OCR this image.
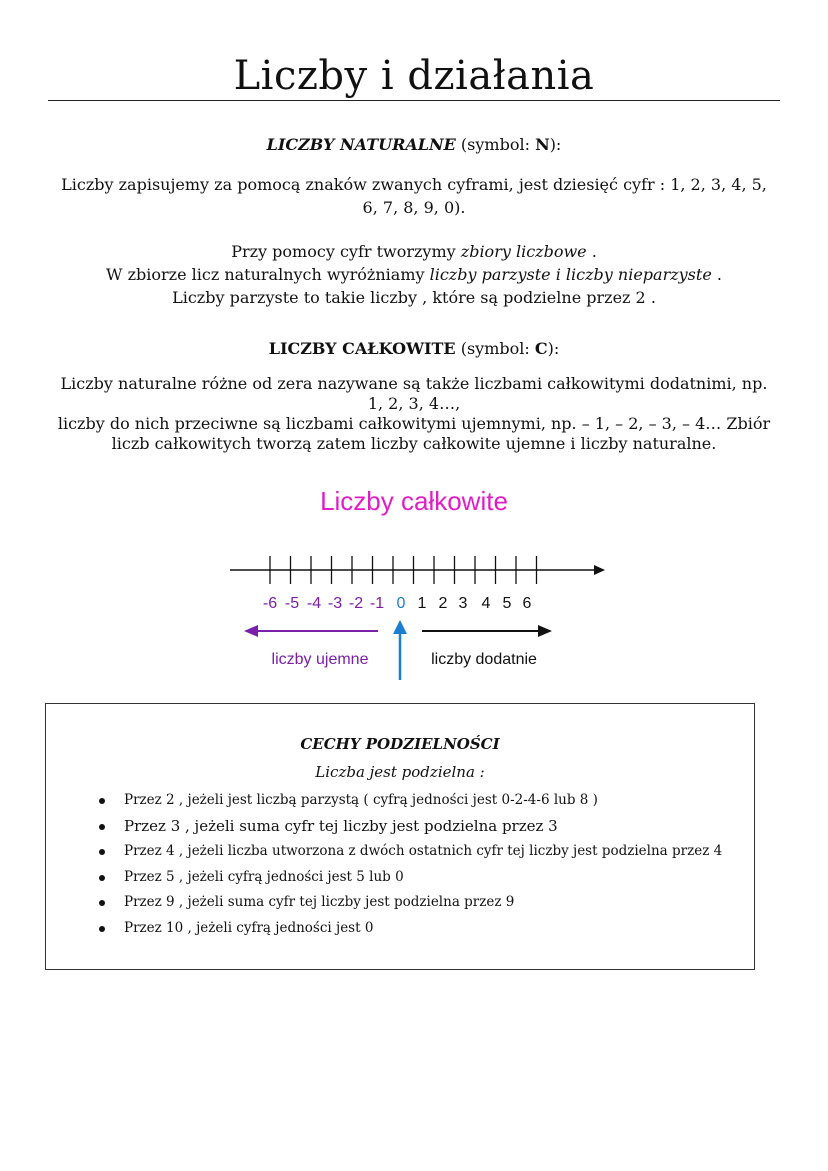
Liczby i działania
LICZBY NATURALNE (symbol: N):
Liczby zapisujemy za pomocą znaków zwanych cyframi, jest dziesięć cyfr : 1, 2, 3, 4, 5,
6, 7, 8, 9, 0).
Przy pomocy cyfr tworzymy zbiory liczbowe .
W zbiorze licz naturalnych wyróżniamy liczby parzyste i liczby nieparzyste .
Liczby parzyste to takie liczby , które są podzielne przez 2 .
LICZBY CAŁKOWITE (symbol: C):
Liczby naturalne różne od zera nazywane są także liczbami całkowitymi dodatnimi, np.
1, 2, 3, 4…,
liczby do nich przeciwne są liczbami całkowitymi ujemnymi, np. – 1, – 2, – 3, – 4… Zbiór
liczb całkowitych tworzą zatem liczby całkowite ujemne i liczby naturalne.
Liczby całkowite
-6 -5 -4 -3 -2 -1 0 1 2 3 4 5 6
liczby ujemne	liczby dodatnie
CECHY PODZIELNOŚCI
Liczba jest podzielna :
Przez 2 , jeżeli jest liczbą parzystą ( cyfrą jedności jest 0-2-4-6 lub 8 )
Przez 3 , jeżeli suma cyfr tej liczby jest podzielna przez 3
Przez 4 , jeżeli liczba utworzona z dwóch ostatnich cyfr tej liczby jest podzielna przez 4
Przez 5 , jeżeli cyfrą jedności jest 5 lub 0
Przez 9 , jeżeli suma cyfr tej liczby jest podzielna przez 9
Przez 10 , jeżeli cyfrą jedności jest 0
